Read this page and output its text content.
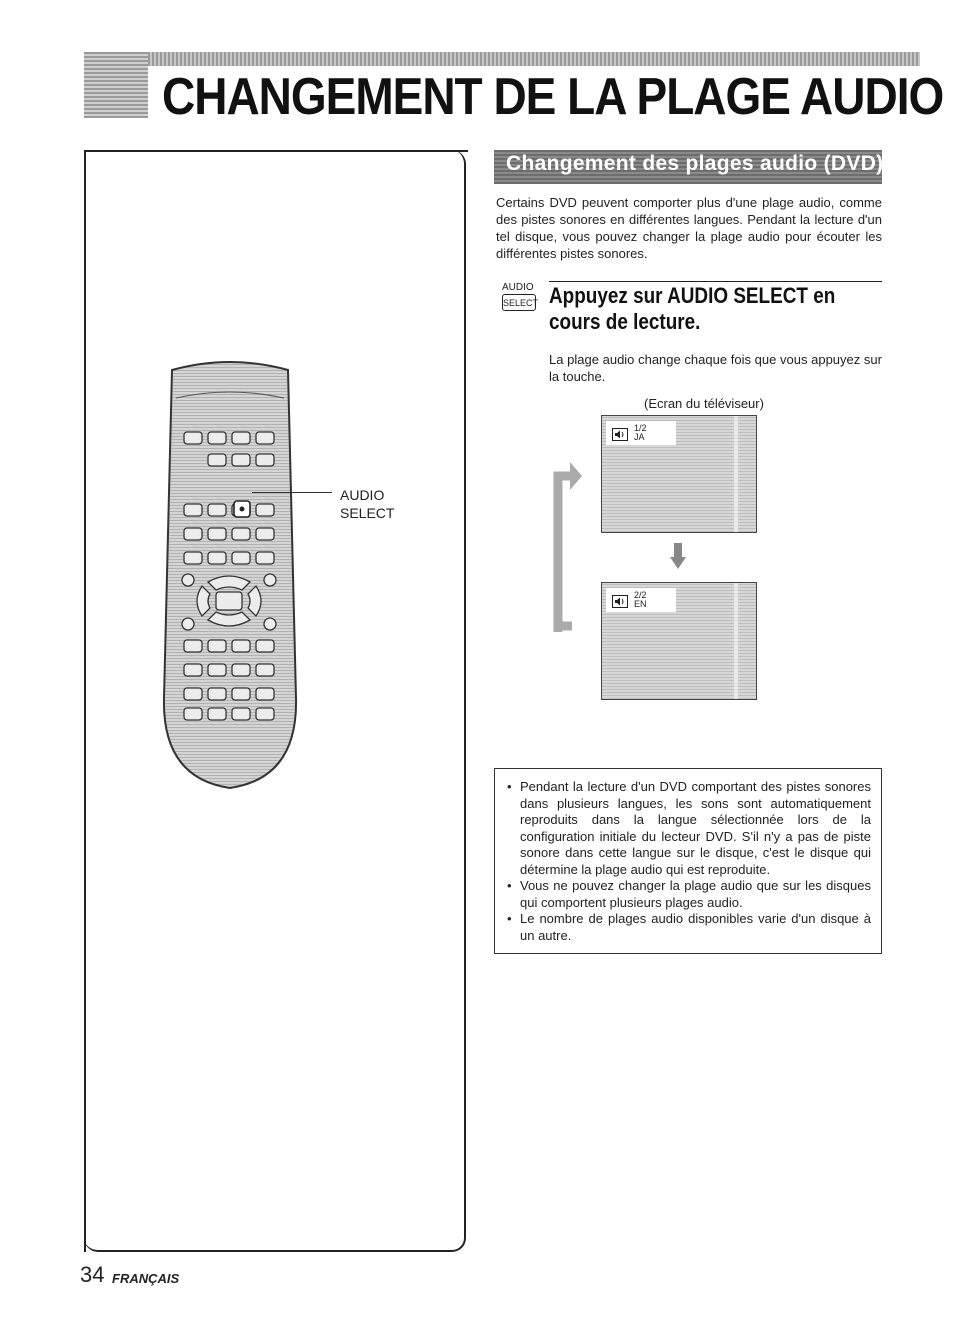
CHANGEMENT DE LA PLAGE AUDIO
AUDIO
SELECT
Changement des plages audio (DVD)
Certains DVD peuvent comporter plus d'une plage audio, comme des pistes sonores en différentes langues. Pendant la lecture d'un tel disque, vous pouvez changer la plage audio pour écouter les différentes pistes sonores.
AUDIO
SELECT Appuyez sur AUDIO SELECT en cours de lecture.
La plage audio change chaque fois que vous appuyez sur la touche.
(Ecran du téléviseur)
1/2
JA
2/2
EN
• Pendant la lecture d'un DVD comportant des pistes sonores dans plusieurs langues, les sons sont automatiquement reproduits dans la langue sélectionnée lors de la configuration initiale du lecteur DVD. S'il n'y a pas de piste sonore dans cette langue sur le disque, c'est le disque qui détermine la plage audio qui est reproduite.
• Vous ne pouvez changer la plage audio que sur les disques qui comportent plusieurs plages audio.
• Le nombre de plages audio disponibles varie d'un disque à un autre.
34 FRANÇAIS
